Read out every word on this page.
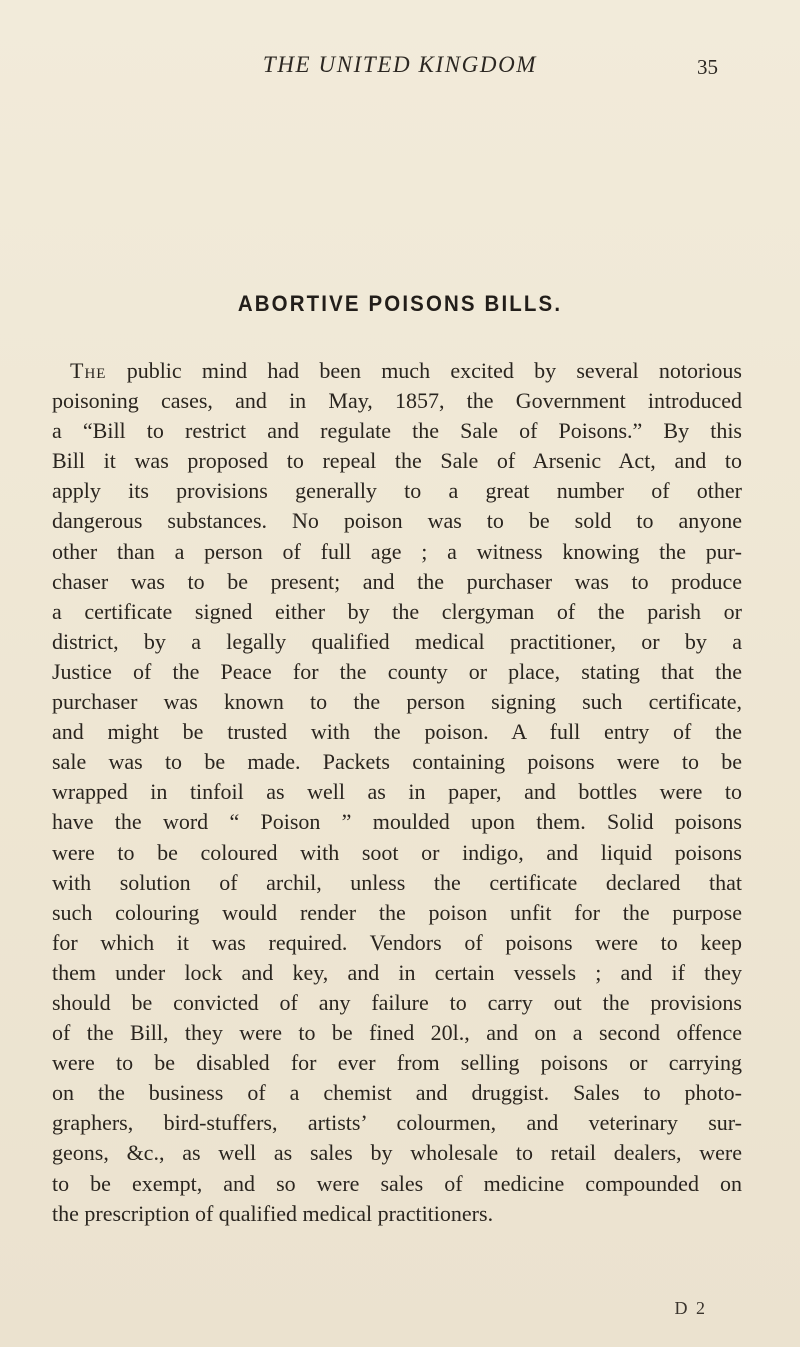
THE UNITED KINGDOM	35
ABORTIVE POISONS BILLS.
The public mind had been much excited by several notorious
poisoning cases, and in May, 1857, the Government introduced
a “Bill to restrict and regulate the Sale of Poisons.” By this
Bill it was proposed to repeal the Sale of Arsenic Act, and to
apply its provisions generally to a great number of other
dangerous substances. No poison was to be sold to anyone
other than a person of full age ; a witness knowing the pur-
chaser was to be present; and the purchaser was to produce
a certificate signed either by the clergyman of the parish or
district, by a legally qualified medical practitioner, or by a
Justice of the Peace for the county or place, stating that the
purchaser was known to the person signing such certificate,
and might be trusted with the poison. A full entry of the
sale was to be made. Packets containing poisons were to be
wrapped in tinfoil as well as in paper, and bottles were to
have the word “ Poison ” moulded upon them. Solid poisons
were to be coloured with soot or indigo, and liquid poisons
with solution of archil, unless the certificate declared that
such colouring would render the poison unfit for the purpose
for which it was required. Vendors of poisons were to keep
them under lock and key, and in certain vessels ; and if they
should be convicted of any failure to carry out the provisions
of the Bill, they were to be fined 20l., and on a second offence
were to be disabled for ever from selling poisons or carrying
on the business of a chemist and druggist. Sales to photo-
graphers, bird-stuffers, artists’ colourmen, and veterinary sur-
geons, &c., as well as sales by wholesale to retail dealers, were
to be exempt, and so were sales of medicine compounded on
the prescription of qualified medical practitioners.
D 2
